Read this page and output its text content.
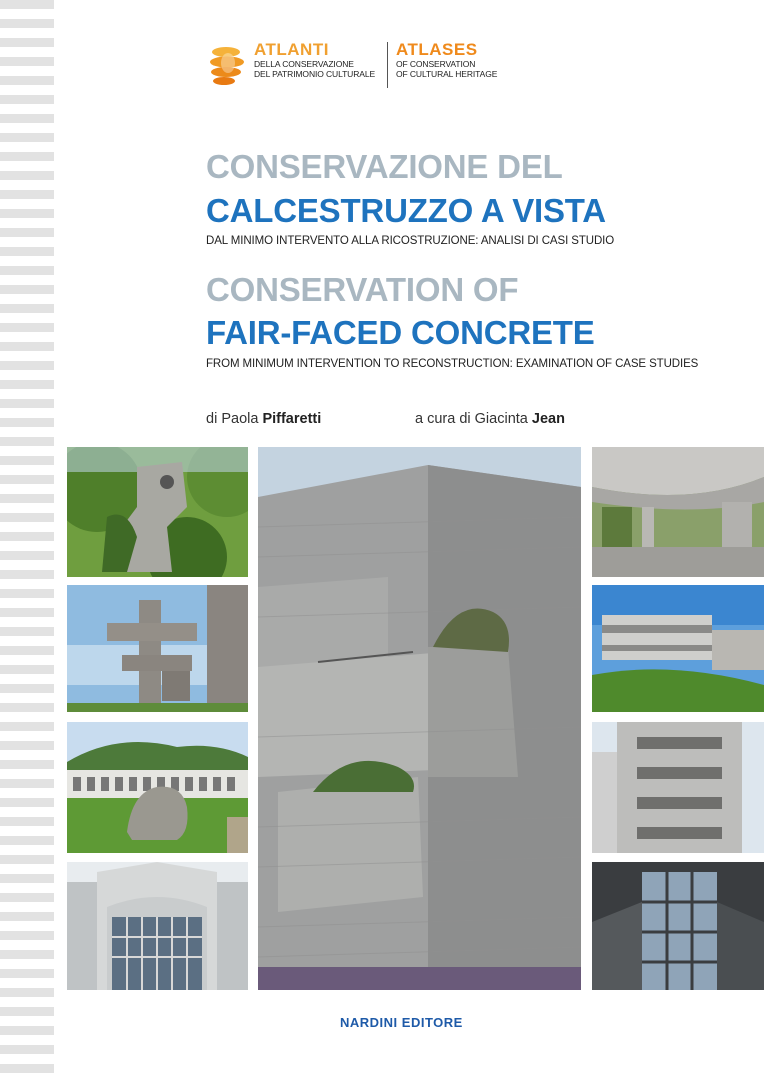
ATLANTI
DELLA CONSERVAZIONE
DEL PATRIMONIO CULTURALE
ATLASES
OF CONSERVATION
OF CULTURAL HERITAGE
CONSERVAZIONE DEL
CALCESTRUZZO A VISTA
DAL MINIMO INTERVENTO ALLA RICOSTRUZIONE: ANALISI DI CASI STUDIO
CONSERVATION OF
FAIR-FACED CONCRETE
FROM MINIMUM INTERVENTION TO RECONSTRUCTION: EXAMINATION OF CASE STUDIES
di Paola Piffaretti	a cura di Giacinta Jean
NARDINI EDITORE
